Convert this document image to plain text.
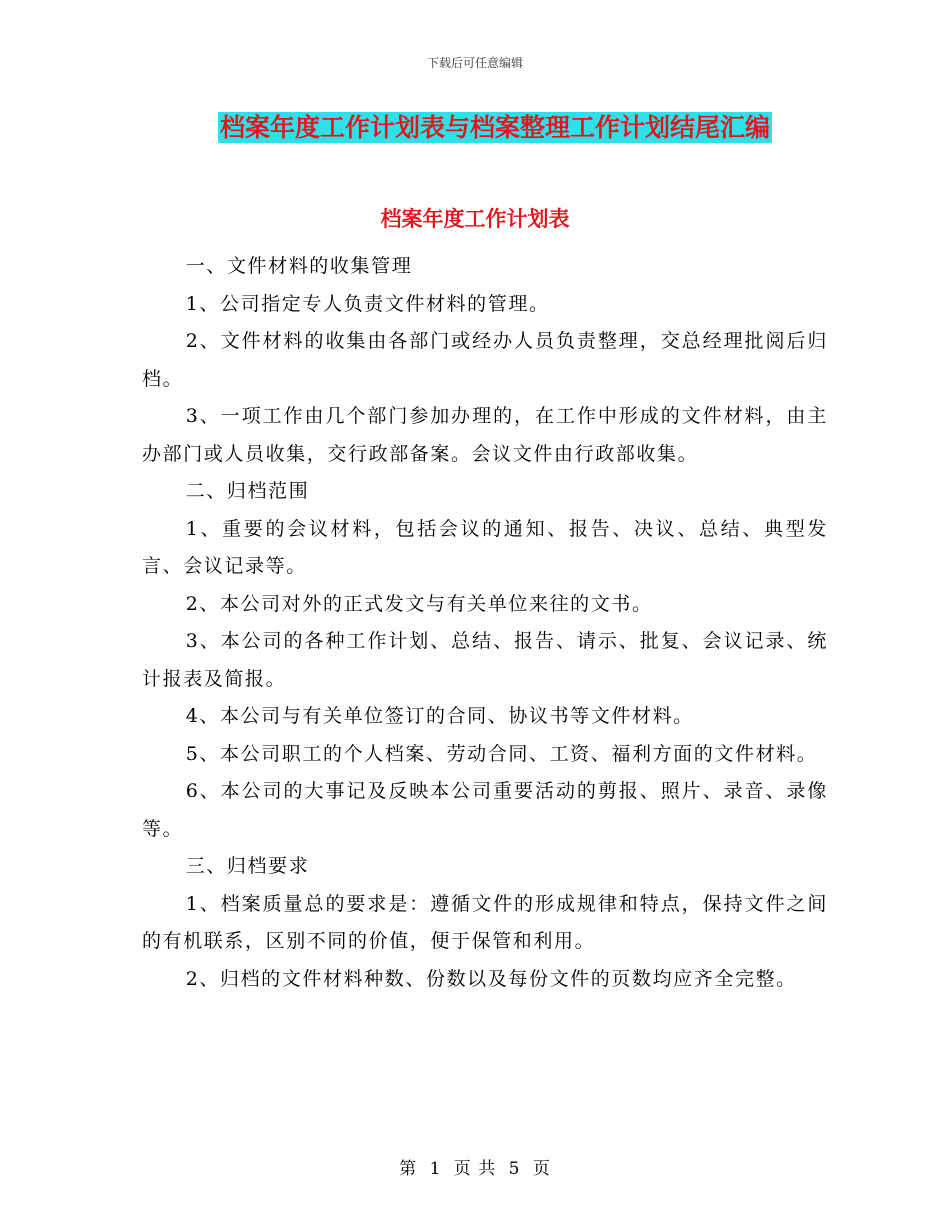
下载后可任意编辑
档案年度工作计划表与档案整理工作计划结尾汇编
档案年度工作计划表

一、文件材料的收集管理

1、公司指定专人负责文件材料的管理。

2、文件材料的收集由各部门或经办人员负责整理，交总经理批阅后归档。

3、一项工作由几个部门参加办理的，在工作中形成的文件材料，由主办部门或人员收集，交行政部备案。会议文件由行政部收集。

二、归档范围

1、重要的会议材料，包括会议的通知、报告、决议、总结、典型发言、会议记录等。

2、本公司对外的正式发文与有关单位来往的文书。

3、本公司的各种工作计划、总结、报告、请示、批复、会议记录、统计报表及简报。

4、本公司与有关单位签订的合同、协议书等文件材料。

5、本公司职工的个人档案、劳动合同、工资、福利方面的文件材料。

6、本公司的大事记及反映本公司重要活动的剪报、照片、录音、录像等。

三、归档要求

1、档案质量总的要求是：遵循文件的形成规律和特点，保持文件之间的有机联系，区别不同的价值，便于保管和利用。

2、归档的文件材料种数、份数以及每份文件的页数均应齐全完整。

第 1 页 共 5 页
